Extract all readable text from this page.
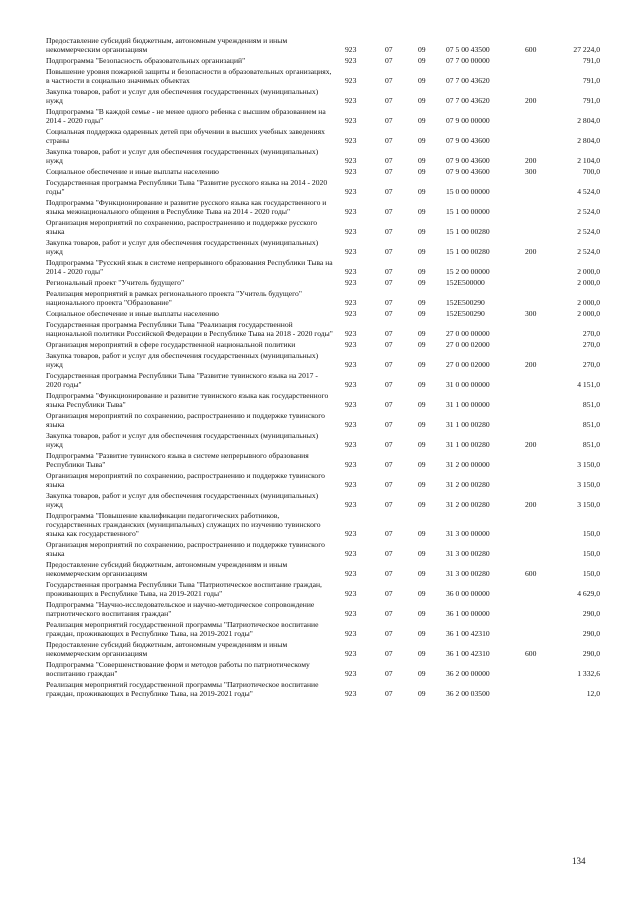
Предоставление субсидий бюджетным, автономным учреждениям и иным некоммерческим организациям	923	07	09	07 5 00 43500	600	27 224,0
Подпрограмма "Безопасность образовательных организаций"	923	07	09	07 7 00 00000	791,0
Повышение уровня пожарной защиты и безопасности в образовательных организациях, в частности в социально значимых объектах	923	07	09	07 7 00 43620	791,0
Закупка товаров, работ и услуг для обеспечения государственных (муниципальных) нужд	923	07	09	07 7 00 43620	200	791,0
Подпрограмма "В каждой семье - не менее одного ребенка с высшим образованием на 2014 - 2020 годы"	923	07	09	07 9 00 00000	2 804,0
Социальная поддержка одаренных детей при обучении в высших учебных заведениях страны	923	07	09	07 9 00 43600	2 804,0
Закупка товаров, работ и услуг для обеспечения государственных (муниципальных) нужд	923	07	09	07 9 00 43600	200	2 104,0
Социальное обеспечение и иные выплаты населению	923	07	09	07 9 00 43600	300	700,0
Государственная программа Республики Тыва "Развитие русского языка на 2014 - 2020 годы"	923	07	09	15 0 00 00000	4 524,0
Подпрограмма "Функционирование и развитие русского языка как государственного и языка межнационального общения в Республике Тыва на 2014 - 2020 годы"	923	07	09	15 1 00 00000	2 524,0
Организация мероприятий по сохранению, распространению и поддержке русского языка	923	07	09	15 1 00 00280	2 524,0
Закупка товаров, работ и услуг для обеспечения государственных (муниципальных) нужд	923	07	09	15 1 00 00280	200	2 524,0
Подпрограмма "Русский язык в системе непрерывного образования Республики Тыва на 2014 - 2020 годы"	923	07	09	15 2 00 00000	2 000,0
Региональный проект "Учитель будущего"	923	07	09	152E500000	2 000,0
Реализация мероприятий в рамках регионального проекта "Учитель будущего" национального проекта "Образование"	923	07	09	152E500290	2 000,0
Социальное обеспечение и иные выплаты населению	923	07	09	152E500290	300	2 000,0
Государственная программа Республики Тыва "Реализация государственной национальной политики Российской Федерации в Республике Тыва на 2018 - 2020 годы" 923	07	09	27 0 00 00000	270,0
Организация мероприятий в сфере государственной национальной политики	923	07	09	27 0 00 02000	270,0
Закупка товаров, работ и услуг для обеспечения государственных (муниципальных) нужд	923	07	09	27 0 00 02000	200	270,0
Государственная программа Республики Тыва "Развитие тувинского языка на 2017 - 2020 годы"	923	07	09	31 0 00 00000	4 151,0
Подпрограмма "Функционирование и развитие тувинского языка как государственного языка Республики Тыва"	923	07	09	31 1 00 00000	851,0
Организация мероприятий по сохранению, распространению и поддержке тувинского языка	923	07	09	31 1 00 00280	851,0
Закупка товаров, работ и услуг для обеспечения государственных (муниципальных) нужд	923	07	09	31 1 00 00280	200	851,0
Подпрограмма "Развитие тувинского языка в системе непрерывного образования Республики Тыва"	923	07	09	31 2 00 00000	3 150,0
Организация мероприятий по сохранению, распространению и поддержке тувинского языка	923	07	09	31 2 00 00280	3 150,0
Закупка товаров, работ и услуг для обеспечения государственных (муниципальных) нужд	923	07	09	31 2 00 00280	200	3 150,0
Подпрограмма "Повышение квалификации педагогических работников, государственных гражданских (муниципальных) служащих по изучению тувинского языка как государственного"	923	07	09	31 3 00 00000	150,0
Организация мероприятий по сохранению, распространению и поддержке тувинского языка	923	07	09	31 3 00 00280	150,0
Предоставление субсидий бюджетным, автономным учреждениям и иным некоммерческим организациям	923	07	09	31 3 00 00280	600	150,0
Государственная программа Республики Тыва "Патриотическое воспитание граждан, проживающих в Республике Тыва, на 2019-2021 годы"	923	07	09	36 0 00 00000	4 629,0
Подпрограмма "Научно-исследовательское и научно-методическое сопровождение патриотического воспитания граждан"	923	07	09	36 1 00 00000	290,0
Реализация мероприятий государственной программы "Патриотическое воспитание граждан, проживающих в Республике Тыва, на 2019-2021 годы"	923	07	09	36 1 00 42310	290,0
Предоставление субсидий бюджетным, автономным учреждениям и иным некоммерческим организациям	923	07	09	36 1 00 42310	600	290,0
Подпрограмма "Совершенствование форм и методов работы по патриотическому воспитанию граждан"	923	07	09	36 2 00 00000	1 332,6
Реализация мероприятий государственной программы "Патриотическое воспитание граждан, проживающих в Республике Тыва, на 2019-2021 годы"	923	07	09	36 2 00 03500	12,0
134
